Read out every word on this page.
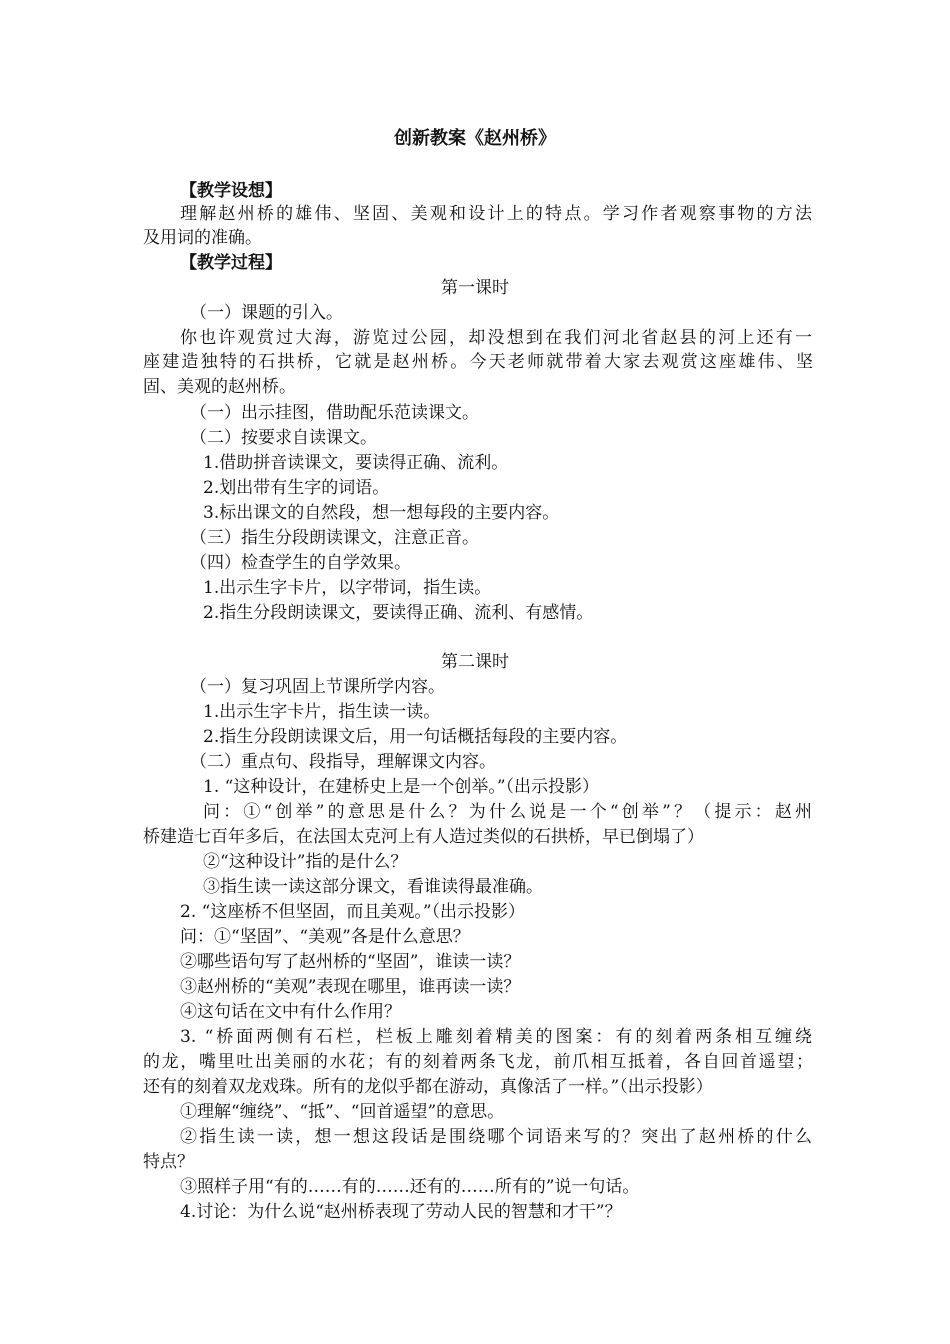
创新教案《赵州桥》
【教学设想】
理解赵州桥的雄伟、坚固、美观和设计上的特点。学习作者观察事物的方法
及用词的准确。
【教学过程】
第一课时
（一）课题的引入。
你也许观赏过大海，游览过公园，却没想到在我们河北省赵县的河上还有一
座建造独特的石拱桥，它就是赵州桥。今天老师就带着大家去观赏这座雄伟、坚
固、美观的赵州桥。
（一）出示挂图，借助配乐范读课文。
（二）按要求自读课文。
1.借助拼音读课文，要读得正确、流利。
2.划出带有生字的词语。
3.标出课文的自然段，想一想每段的主要内容。
（三）指生分段朗读课文，注意正音。
（四）检查学生的自学效果。
1.出示生字卡片，以字带词，指生读。
2.指生分段朗读课文，要读得正确、流利、有感情。
第二课时
（一）复习巩固上节课所学内容。
1.出示生字卡片，指生读一读。
2.指生分段朗读课文后，用一句话概括每段的主要内容。
（二）重点句、段指导，理解课文内容。
1. “这种设计，在建桥史上是一个创举。”（出示投影）
问：①“创举”的意思是什么？为什么说是一个“创举”？（提示：赵州
桥建造七百年多后，在法国太克河上有人造过类似的石拱桥，早已倒塌了）
②“这种设计”指的是什么？
③指生读一读这部分课文，看谁读得最准确。
2. “这座桥不但坚固，而且美观。”（出示投影）
问：①“坚固”、“美观”各是什么意思？
②哪些语句写了赵州桥的“坚固”，谁读一读？
③赵州桥的“美观”表现在哪里，谁再读一读？
④这句话在文中有什么作用？
3. “桥面两侧有石栏，栏板上雕刻着精美的图案：有的刻着两条相互缠绕
的龙，嘴里吐出美丽的水花；有的刻着两条飞龙，前爪相互抵着，各自回首遥望；
还有的刻着双龙戏珠。所有的龙似乎都在游动，真像活了一样。”（出示投影）
①理解“缠绕”、“抵”、“回首遥望”的意思。
②指生读一读，想一想这段话是围绕哪个词语来写的？突出了赵州桥的什么
特点？
③照样子用“有的……有的……还有的……所有的”说一句话。
4.讨论：为什么说“赵州桥表现了劳动人民的智慧和才干”？
